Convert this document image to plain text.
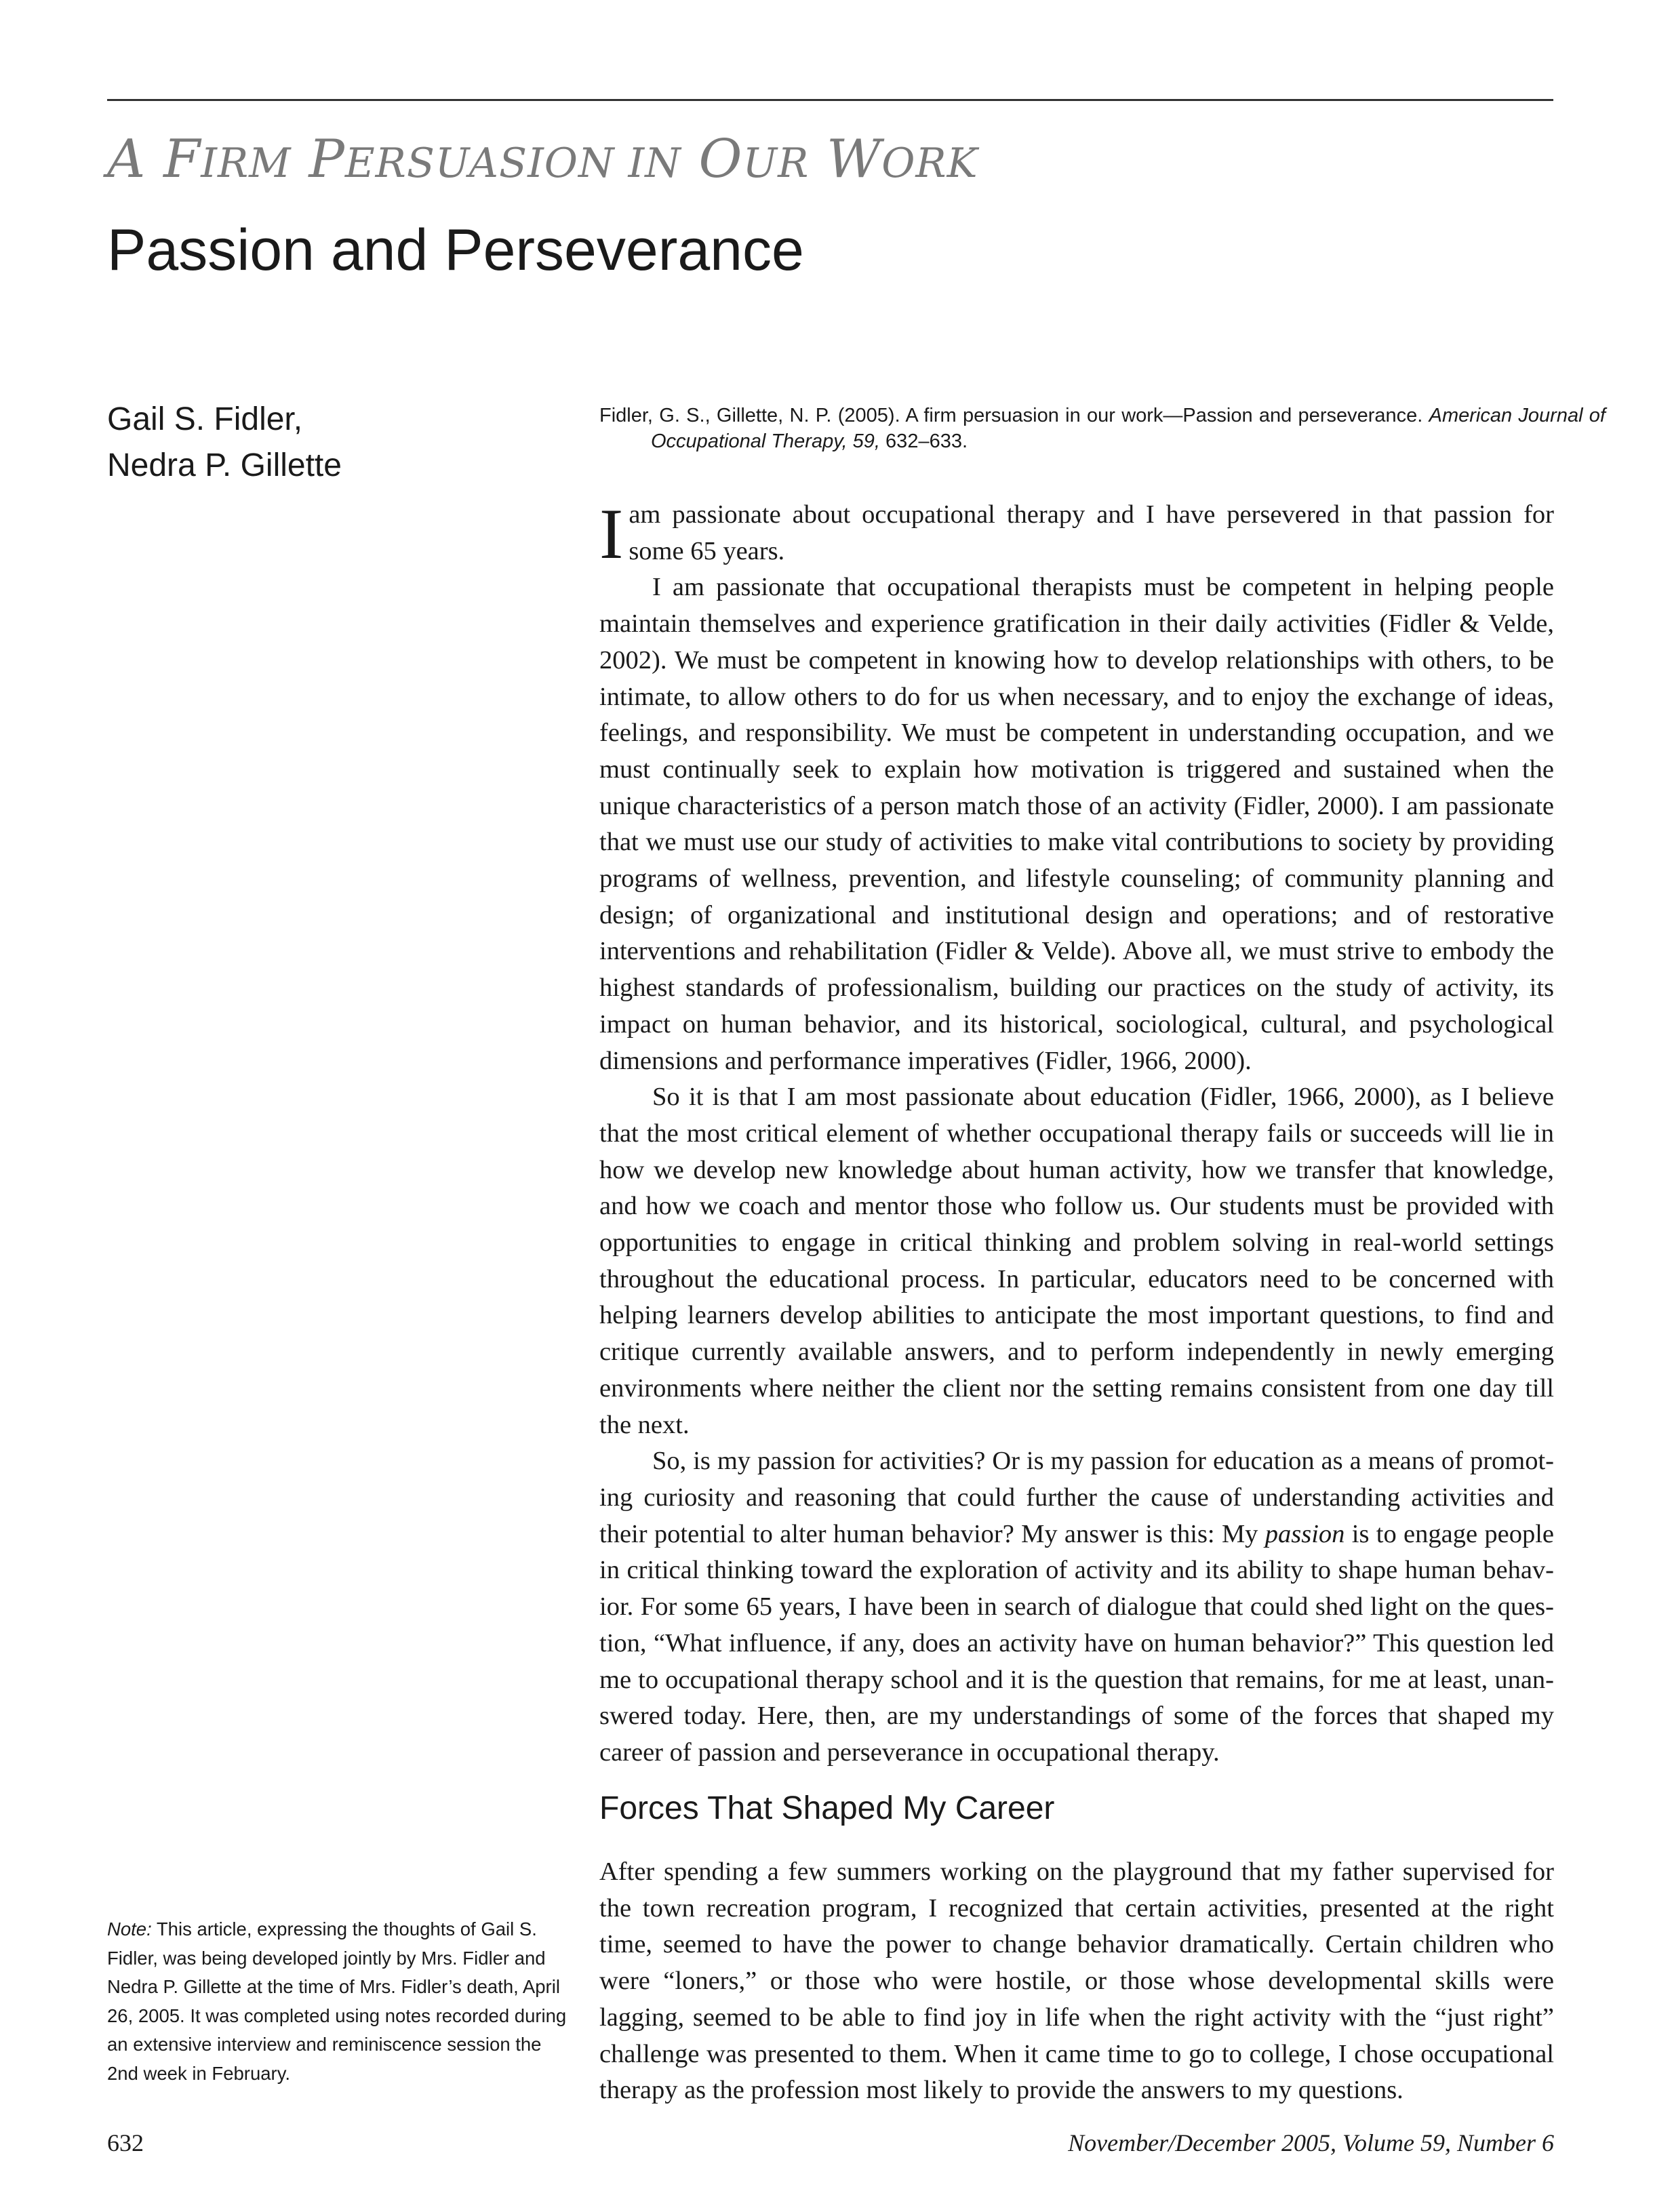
A FIRM PERSUASION IN OUR WORK
Passion and Perseverance
Gail S. Fidler,
Nedra P. Gillette
Fidler, G. S., Gillette, N. P. (2005). A firm persuasion in our work—Passion and perseverance. American Journal of Occupational Therapy, 59, 632–633.

Iam passionate about occupational therapy and I have persevered in that passion for some 65 years.

I am passionate that occupational therapists must be competent in helping people maintain themselves and experience gratification in their daily activities (Fidler & Velde, 2002). We must be competent in knowing how to develop relationships with others, to be intimate, to allow others to do for us when necessary, and to enjoy the exchange of ideas, feelings, and responsibility. We must be competent in understanding occupation, and we must continually seek to explain how motivation is triggered and sustained when the unique characteristics of a person match those of an activity (Fidler, 2000). I am passionate that we must use our study of activities to make vital contributions to society by providing programs of wellness, prevention, and lifestyle counseling; of community planning and design; of organizational and institutional design and operations; and of restorative interventions and rehabilitation (Fidler & Velde). Above all, we must strive to embody the highest standards of professionalism, building our practices on the study of activity, its impact on human behavior, and its historical, sociological, cultural, and psychological dimensions and performance imperatives (Fidler, 1966, 2000).

So it is that I am most passionate about education (Fidler, 1966, 2000), as I believe that the most critical element of whether occupational therapy fails or succeeds will lie in how we develop new knowledge about human activity, how we transfer that knowledge, and how we coach and mentor those who follow us. Our students must be provided with opportunities to engage in critical thinking and problem solving in real-world settings throughout the educational process. In particular, educators need to be concerned with helping learners develop abilities to anticipate the most important questions, to find and critique currently available answers, and to perform independently in newly emerging environments where neither the client nor the setting remains consistent from one day till the next.

So, is my passion for activities? Or is my passion for education as a means of promoting curiosity and reasoning that could further the cause of understanding activities and their potential to alter human behavior? My answer is this: My passion is to engage people in critical thinking toward the exploration of activity and its ability to shape human behavior. For some 65 years, I have been in search of dialogue that could shed light on the question, “What influence, if any, does an activity have on human behavior?” This question led me to occupational therapy school and it is the question that remains, for me at least, unanswered today. Here, then, are my understandings of some of the forces that shaped my career of passion and perseverance in occupational therapy.

Forces That Shaped My Career

After spending a few summers working on the playground that my father supervised for the town recreation program, I recognized that certain activities, presented at the right time, seemed to have the power to change behavior dramatically. Certain children who were “loners,” or those who were hostile, or those whose developmental skills were lagging, seemed to be able to find joy in life when the right activity with the “just right” challenge was presented to them. When it came time to go to college, I chose occupational therapy as the profession most likely to provide the answers to my questions.

Note: This article, expressing the thoughts of Gail S. Fidler, was being developed jointly by Mrs. Fidler and Nedra P. Gillette at the time of Mrs. Fidler’s death, April 26, 2005. It was completed using notes recorded during an extensive interview and reminiscence session the 2nd week in February.
632	November/December 2005, Volume 59, Number 6
